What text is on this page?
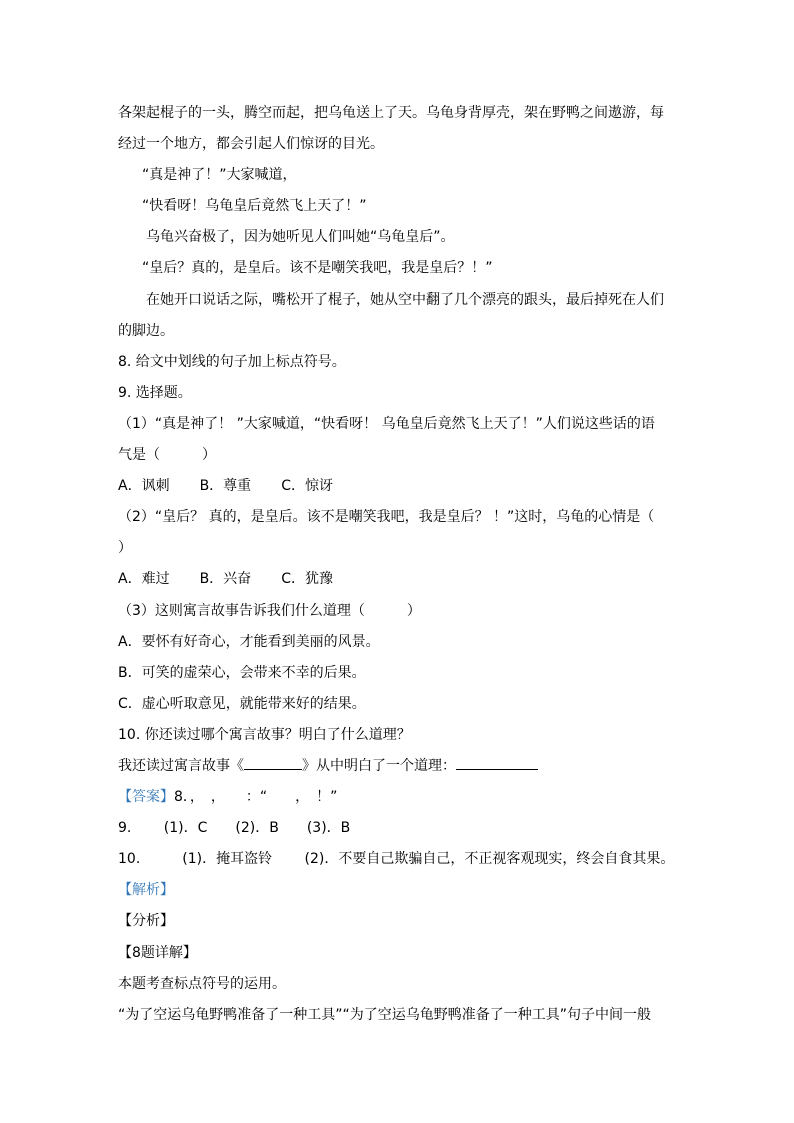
各架起棍子的一头，腾空而起，把乌龟送上了天。乌龟身背厚壳，架在野鸭之间遨游，每
经过一个地方，都会引起人们惊讶的目光。
“真是神了！”大家喊道，
“快看呀！乌龟皇后竟然飞上天了！”
乌龟兴奋极了，因为她听见人们叫她“乌龟皇后”。
“皇后？真的，是皇后。该不是嘲笑我吧，我是皇后？！”
在她开口说话之际，嘴松开了棍子，她从空中翻了几个漂亮的跟头，最后掉死在人们
的脚边。
8. 给文中划线的句子加上标点符号。
9. 选择题。
（1）“真是神了！ ”大家喊道，“快看呀！ 乌龟皇后竟然飞上天了！”人们说这些话的语
气是（　　　）
A．讽刺 B．尊重 C．惊讶
（2）“皇后？ 真的，是皇后。该不是嘲笑我吧，我是皇后？ ！”这时，乌龟的心情是（
）
A．难过 B．兴奋 C．犹豫
（3）这则寓言故事告诉我们什么道理（　　　）
A．要怀有好奇心，才能看到美丽的风景。
B．可笑的虚荣心，会带来不幸的后果。
C．虚心听取意见，就能带来好的结果。
10. 你还读过哪个寓言故事？明白了什么道理？
我还读过寓言故事《	》从中明白了一个道理：
【答案】8．，　，　　：“　　，　！”
9.　　 (1)．C　　(2)．B　　(3)．B
10.　　　(1)．掩耳盗铃　　 (2)．不要自己欺骗自己，不正视客观现实，终会自食其果。
【解析】
【分析】
【8题详解】
本题考查标点符号的运用。
“为了空运乌龟野鸭准备了一种工具”“为了空运乌龟野鸭准备了一种工具”句子中间一般
